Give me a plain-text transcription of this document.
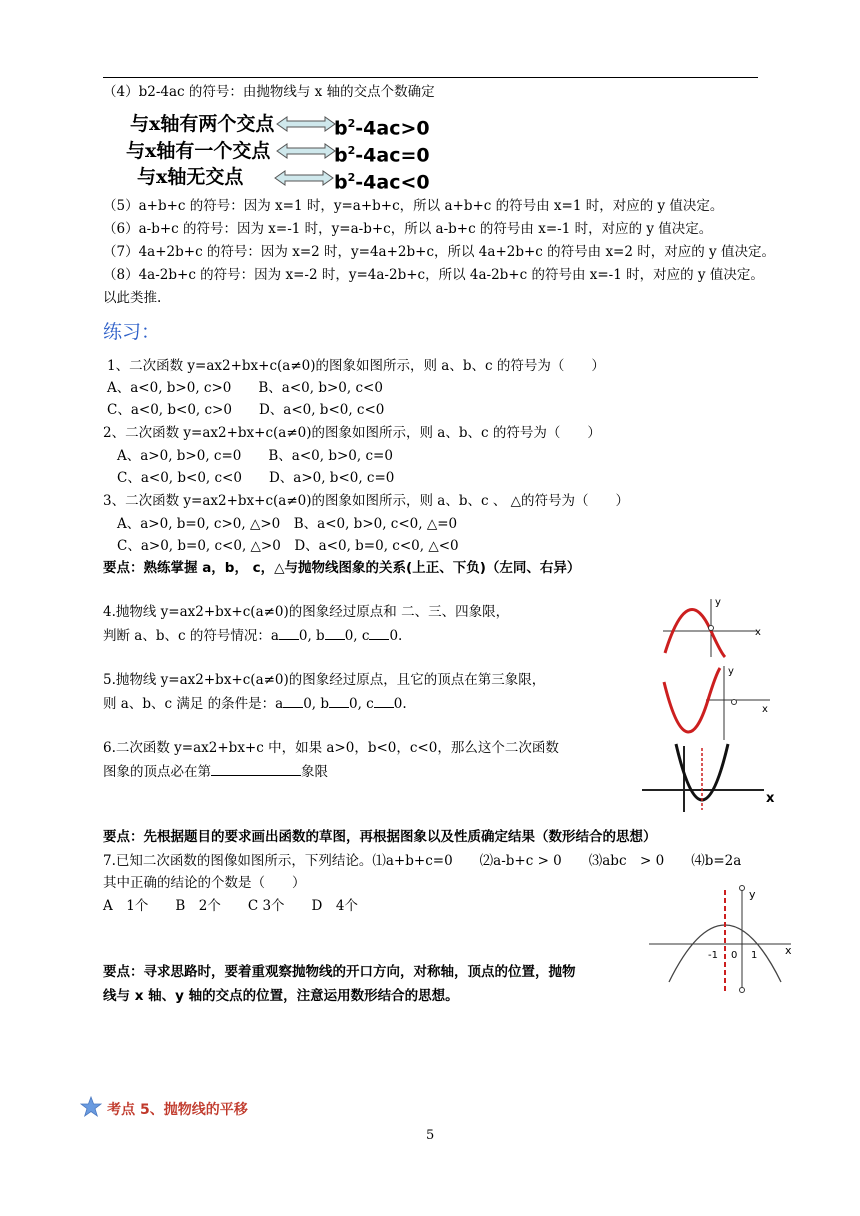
（4）b2-4ac 的符号：由抛物线与 x 轴的交点个数确定
与x轴有两个交点
与x轴有一个交点
与x轴无交点
$b^2-4ac>0$
$b^2-4ac=0$
$b^2-4ac<0$
（5）a+b+c 的符号：因为 x=1 时，y=a+b+c，所以 a+b+c 的符号由 x=1 时，对应的 y 值决定。
（6）a-b+c 的符号：因为 x=-1 时，y=a-b+c，所以 a-b+c 的符号由 x=-1 时，对应的 y 值决定。
（7）4a+2b+c 的符号：因为 x=2 时，y=4a+2b+c，所以 4a+2b+c 的符号由 x=2 时，对应的 y 值决定。
（8）4a-2b+c 的符号：因为 x=-2 时，y=4a-2b+c，所以 4a-2b+c 的符号由 x=-1 时，对应的 y 值决定。
以此类推.
练习：
1、二次函数 y=ax2+bx+c(a≠0)的图象如图所示，则 a、b、c 的符号为（　　）
A、a<0, b>0, c>0　　B、a<0, b>0, c<0
C、a<0, b<0, c>0　　D、a<0, b<0, c<0
2、二次函数 y=ax2+bx+c(a≠0)的图象如图所示，则 a、b、c 的符号为（　　）
A、a>0, b>0, c=0　　B、a<0, b>0, c=0
C、a<0, b<0, c<0　　D、a>0, b<0, c=0
3、二次函数 y=ax2+bx+c(a≠0)的图象如图所示，则 a、b、c 、 △的符号为（　　）
A、a>0, b=0, c>0, △>0　B、a<0, b>0, c<0, △=0
C、a>0, b=0, c<0, △>0　D、a<0, b=0, c<0, △<0
要点：熟练掌握 a，b， c，△与抛物线图象的关系(上正、下负)（左同、右异）
4.抛物线 y=ax2+bx+c(a≠0)的图象经过原点和 二、三、四象限，
判断 a、b、c 的符号情况：a 0, b 0, c 0.
5.抛物线 y=ax2+bx+c(a≠0)的图象经过原点，且它的顶点在第三象限，
则 a、b、c 满足 的条件是：a 0, b 0, c 0.
6.二次函数 y=ax2+bx+c 中，如果 a>0，b<0，c<0，那么这个二次函数
图象的顶点必在第	象限
要点：先根据题目的要求画出函数的草图，再根据图象以及性质确定结果（数形结合的思想）
7.已知二次函数的图像如图所示，下列结论。⑴a+b+c=0　　⑵a-b+c > 0　　⑶abc　> 0　　⑷b=2a
其中正确的结论的个数是（　　）
A　1个　　B　2个　　C 3个　　D　4个
要点：寻求思路时，要着重观察抛物线的开口方向，对称轴，顶点的位置，抛物
线与 x 轴、y 轴的交点的位置，注意运用数形结合的思想。
y
x
y
x
x
y
x
-1 0 1
考点 5、抛物线的平移
5
